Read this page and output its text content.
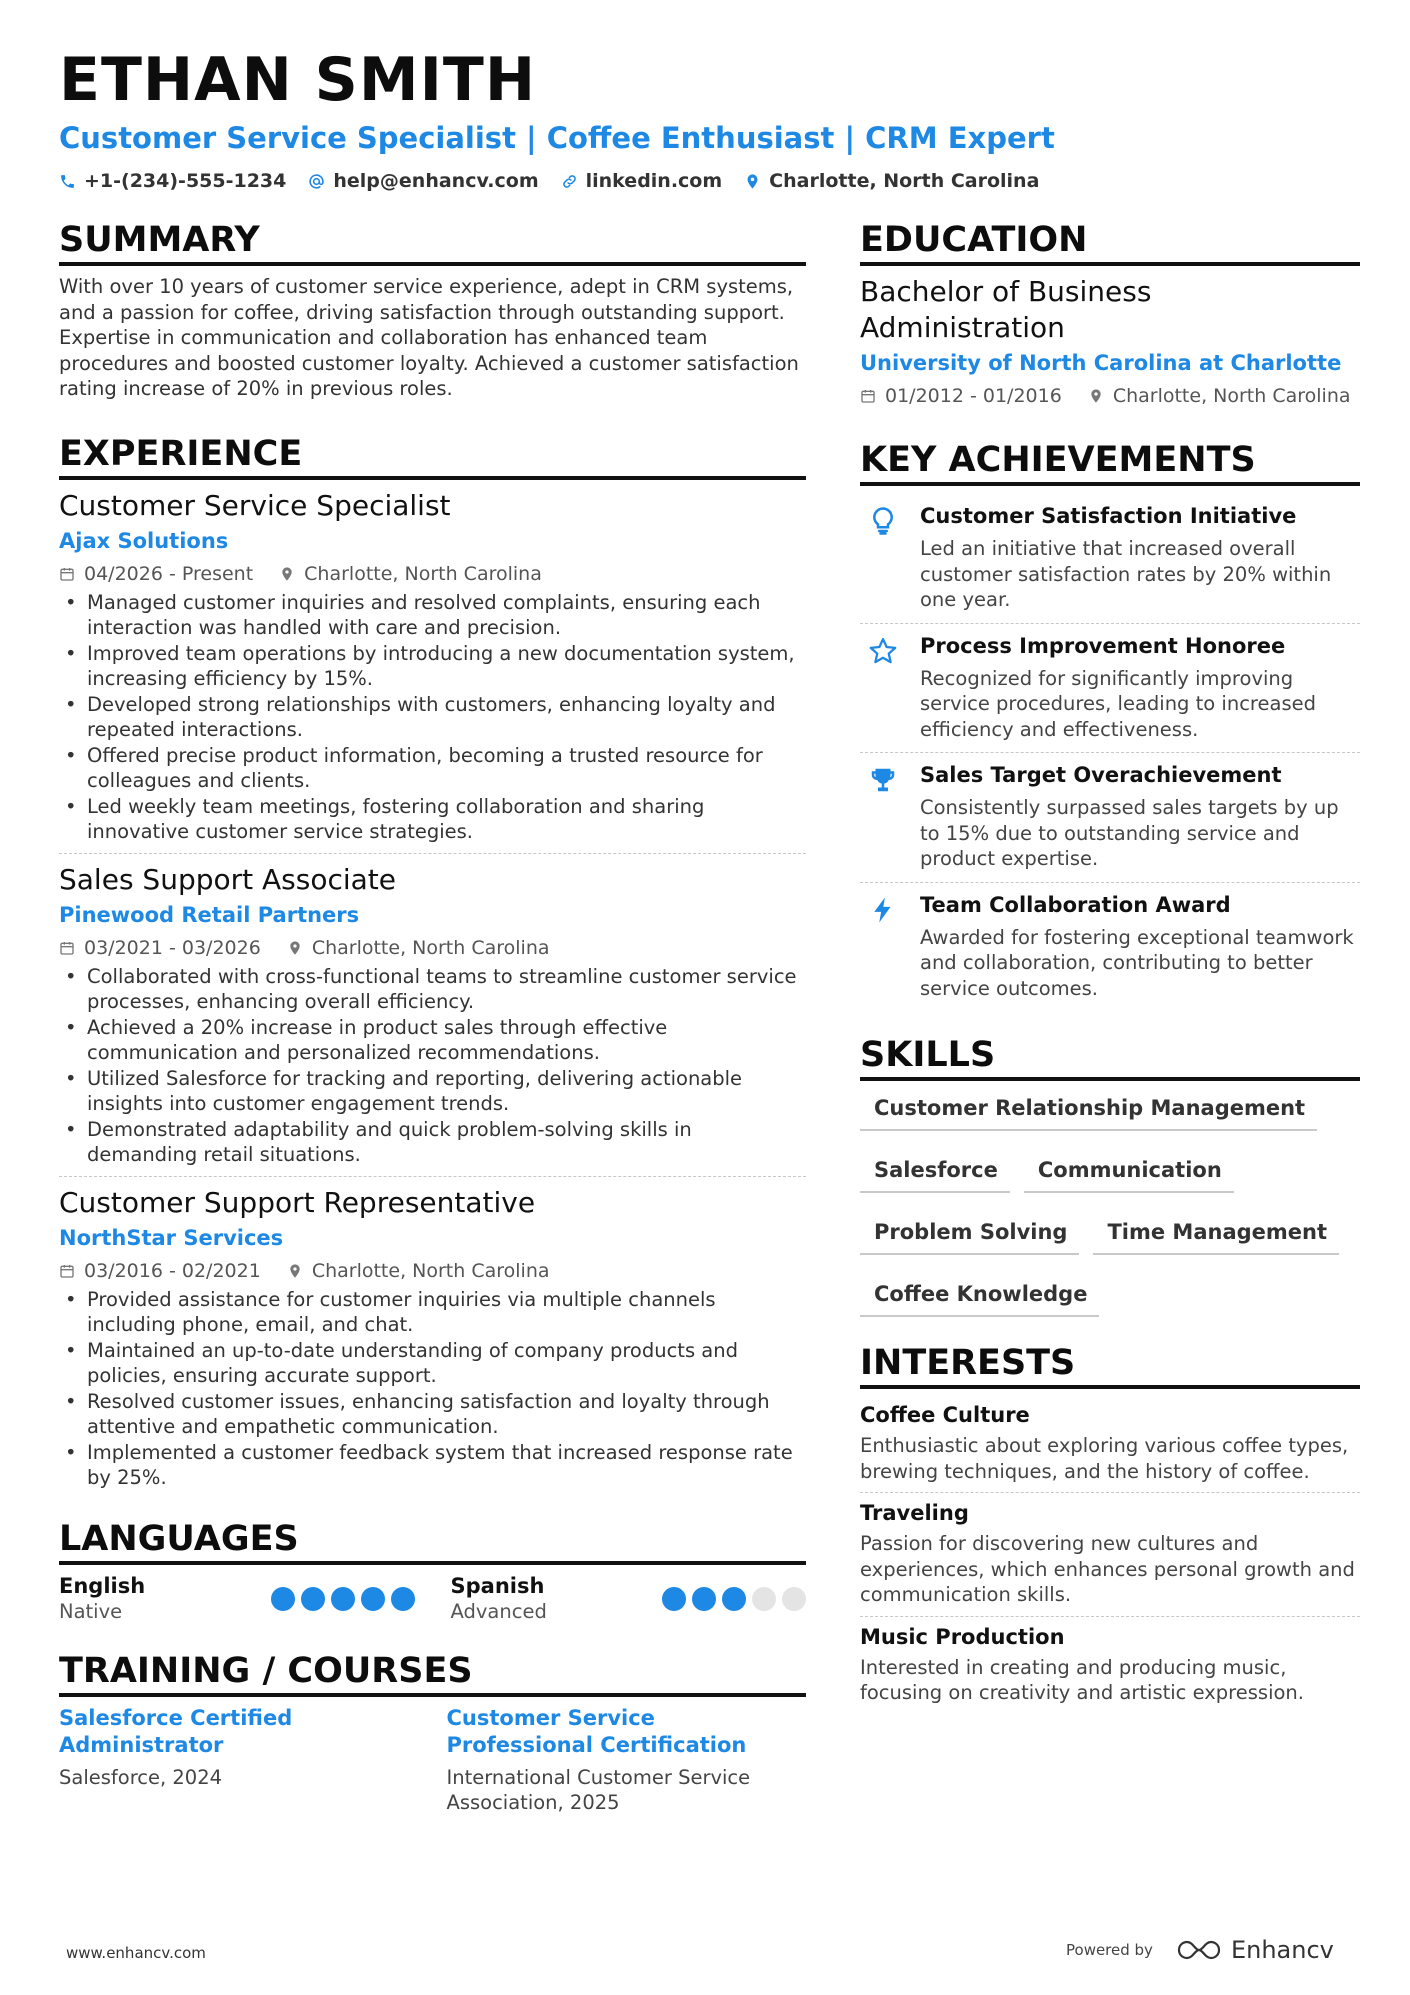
ETHAN SMITH
Customer Service Specialist | Coffee Enthusiast | CRM Expert
+1-(234)-555-1234 help@enhancv.com linkedin.com Charlotte, North Carolina
SUMMARY
With over 10 years of customer service experience, adept in CRM systems, and a passion for coffee, driving satisfaction through outstanding support. Expertise in communication and collaboration has enhanced team procedures and boosted customer loyalty. Achieved a customer satisfaction rating increase of 20% in previous roles.
EXPERIENCE
Customer Service Specialist
Ajax Solutions
04/2026 - Present	Charlotte, North Carolina
• Managed customer inquiries and resolved complaints, ensuring each interaction was handled with care and precision.
• Improved team operations by introducing a new documentation system, increasing efficiency by 15%.
• Developed strong relationships with customers, enhancing loyalty and repeated interactions.
• Offered precise product information, becoming a trusted resource for colleagues and clients.
• Led weekly team meetings, fostering collaboration and sharing innovative customer service strategies.
Sales Support Associate
Pinewood Retail Partners
03/2021 - 03/2026	Charlotte, North Carolina
• Collaborated with cross-functional teams to streamline customer service processes, enhancing overall efficiency.
• Achieved a 20% increase in product sales through effective communication and personalized recommendations.
• Utilized Salesforce for tracking and reporting, delivering actionable insights into customer engagement trends.
• Demonstrated adaptability and quick problem-solving skills in demanding retail situations.
Customer Support Representative
NorthStar Services
03/2016 - 02/2021	Charlotte, North Carolina
• Provided assistance for customer inquiries via multiple channels including phone, email, and chat.
• Maintained an up-to-date understanding of company products and policies, ensuring accurate support.
• Resolved customer issues, enhancing satisfaction and loyalty through attentive and empathetic communication.
• Implemented a customer feedback system that increased response rate by 25%.
LANGUAGES
English
Native
Spanish
Advanced
TRAINING / COURSES
Salesforce Certified Administrator
Salesforce, 2024
Customer Service Professional Certification
International Customer Service Association, 2025
EDUCATION
Bachelor of Business Administration
University of North Carolina at Charlotte
01/2012 - 01/2016	Charlotte, North Carolina
KEY ACHIEVEMENTS
Customer Satisfaction Initiative
Led an initiative that increased overall customer satisfaction rates by 20% within one year.
Process Improvement Honoree
Recognized for significantly improving service procedures, leading to increased efficiency and effectiveness.
Sales Target Overachievement
Consistently surpassed sales targets by up to 15% due to outstanding service and product expertise.
Team Collaboration Award
Awarded for fostering exceptional teamwork and collaboration, contributing to better service outcomes.
SKILLS
Customer Relationship Management
Salesforce	Communication
Problem Solving	Time Management
Coffee Knowledge
INTERESTS
Coffee Culture
Enthusiastic about exploring various coffee types, brewing techniques, and the history of coffee.
Traveling
Passion for discovering new cultures and experiences, which enhances personal growth and communication skills.
Music Production
Interested in creating and producing music, focusing on creativity and artistic expression.
www.enhancv.com	Powered by	Enhancv
